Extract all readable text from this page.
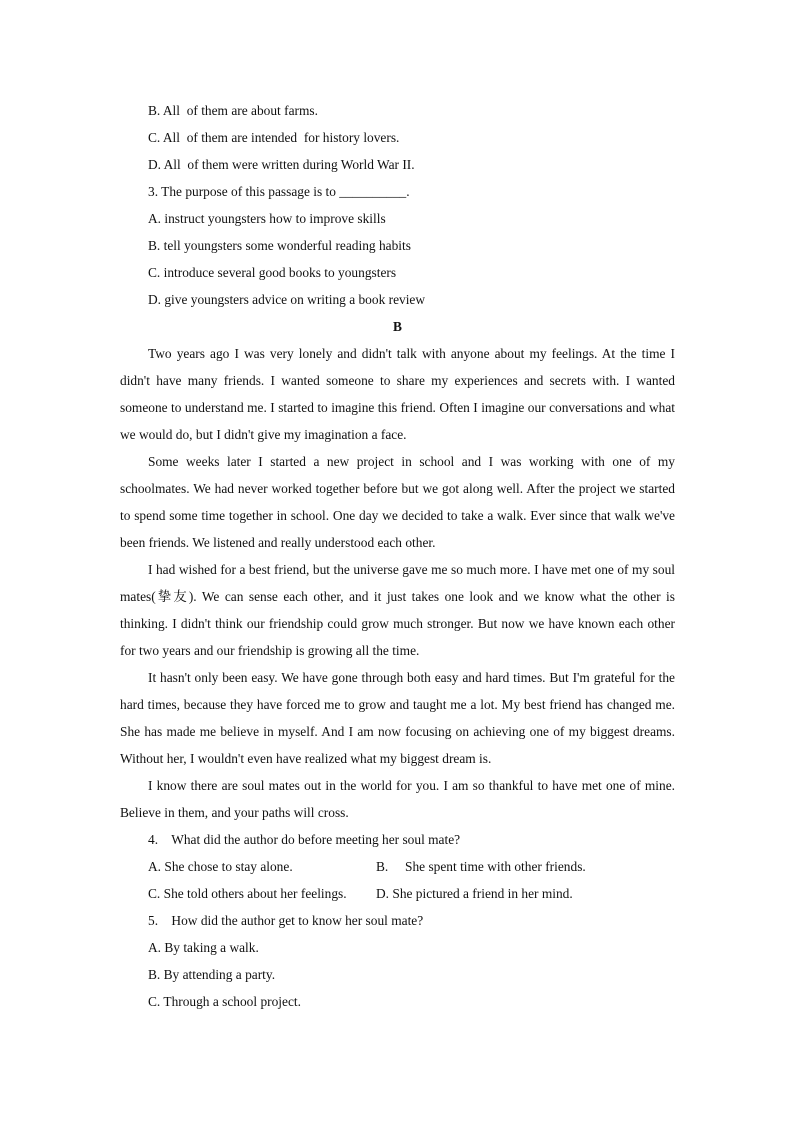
B. All  of them are about farms.
C. All  of them are intended  for history lovers.
D. All  of them were written during World War II.
3. The purpose of this passage is to __________.
A. instruct youngsters how to improve skills
B. tell youngsters some wonderful reading habits
C. introduce several good books to youngsters
D. give youngsters advice on writing a book review
B
Two years ago I was very lonely and didn't talk with anyone about my feelings. At the time I didn't have many friends. I wanted someone to share my experiences and secrets with. I wanted someone to understand me. I started to imagine this friend. Often I imagine our conversations and what we would do, but I didn't give my imagination a face.
Some weeks later I started a new project in school and I was working with one of my schoolmates. We had never worked together before but we got along well. After the project we started to spend some time together in school. One day we decided to take a walk. Ever since that walk we've been friends. We listened and really understood each other.
I had wished for a best friend, but the universe gave me so much more. I have met one of my soul mates(挚友). We can sense each other, and it just takes one look and we know what the other is thinking. I didn't think our friendship could grow much stronger. But now we have known each other for two years and our friendship is growing all the time.
It hasn't only been easy. We have gone through both easy and hard times. But I'm grateful for the hard times, because they have forced me to grow and taught me a lot. My best friend has changed me. She has made me believe in myself. And I am now focusing on achieving one of my biggest dreams. Without her, I wouldn't even have realized what my biggest dream is.
I know there are soul mates out in the world for you. I am so thankful to have met one of mine. Believe in them, and your paths will cross.
4.    What did the author do before meeting her soul mate?
A. She chose to stay alone.	B.     She spent time with other friends.
C. She told others about her feelings.	D. She pictured a friend in her mind.
5.    How did the author get to know her soul mate?
A. By taking a walk.
B. By attending a party.
C. Through a school project.
